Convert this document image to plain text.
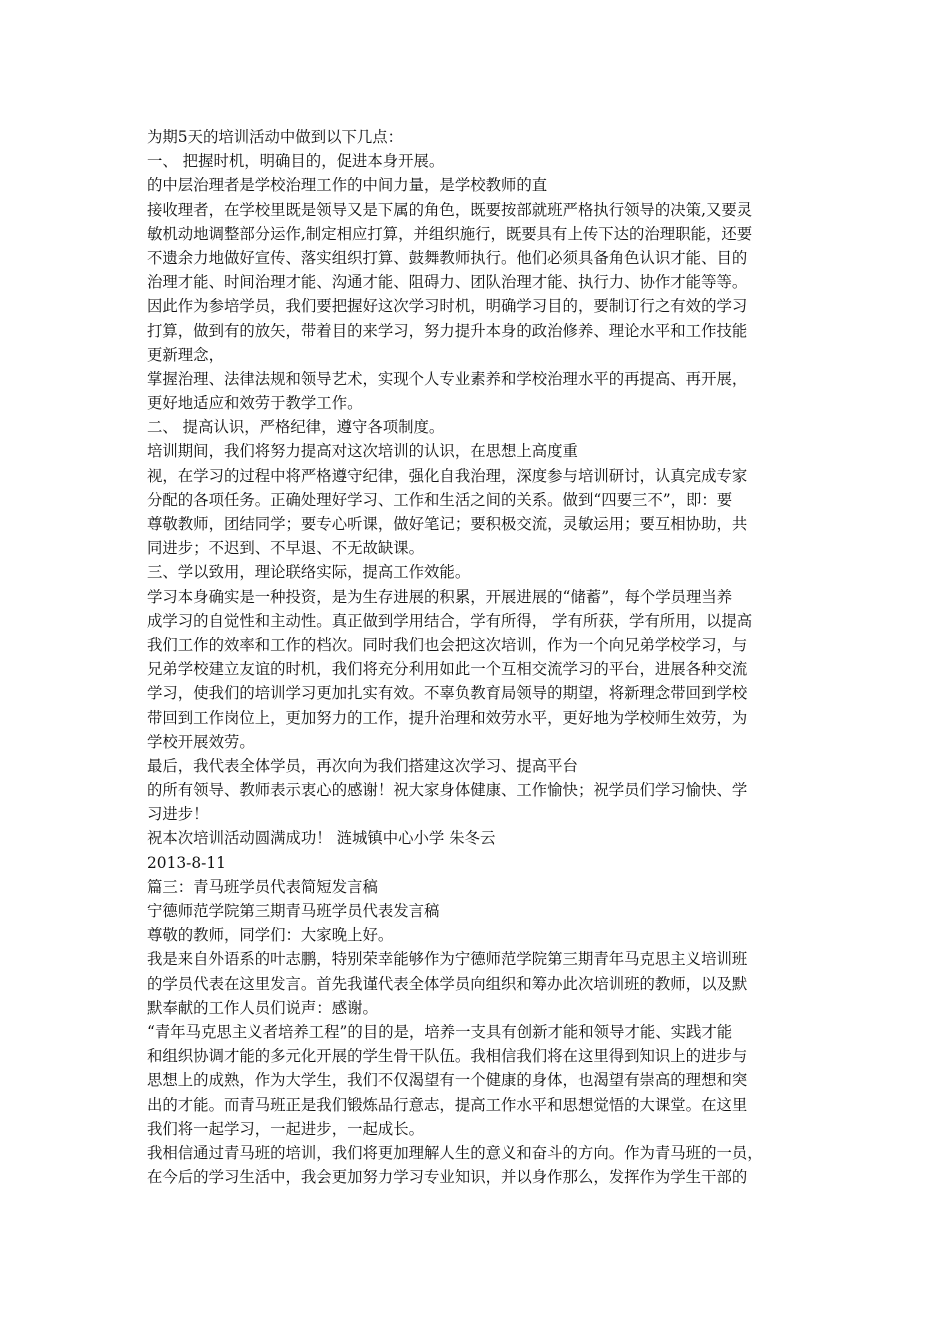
为期5天的培训活动中做到以下几点：
一、 把握时机，明确目的，促进本身开展。
的中层治理者是学校治理工作的中间力量，是学校教师的直
接收理者，在学校里既是领导又是下属的角色，既要按部就班严格执行领导的决策,又要灵
敏机动地调整部分运作,制定相应打算，并组织施行，既要具有上传下达的治理职能，还要
不遗余力地做好宣传、落实组织打算、鼓舞教师执行。他们必须具备角色认识才能、目的
治理才能、时间治理才能、沟通才能、阻碍力、团队治理才能、执行力、协作才能等等。
因此作为参培学员，我们要把握好这次学习时机，明确学习目的，要制订行之有效的学习
打算，做到有的放矢，带着目的来学习，努力提升本身的政治修养、理论水平和工作技能
更新理念，
掌握治理、法律法规和领导艺术，实现个人专业素养和学校治理水平的再提高、再开展，
更好地适应和效劳于教学工作。
二、 提高认识，严格纪律，遵守各项制度。
培训期间，我们将努力提高对这次培训的认识，在思想上高度重
视，在学习的过程中将严格遵守纪律，强化自我治理，深度参与培训研讨，认真完成专家
分配的各项任务。正确处理好学习、工作和生活之间的关系。做到“四要三不”，即：要
尊敬教师，团结同学；要专心听课，做好笔记；要积极交流，灵敏运用；要互相协助，共
同进步；不迟到、不早退、不无故缺课。
三、学以致用，理论联络实际，提高工作效能。
学习本身确实是一种投资，是为生存进展的积累，开展进展的“储蓄”，每个学员理当养
成学习的自觉性和主动性。真正做到学用结合，学有所得， 学有所获，学有所用，以提高
我们工作的效率和工作的档次。同时我们也会把这次培训，作为一个向兄弟学校学习，与
兄弟学校建立友谊的时机，我们将充分利用如此一个互相交流学习的平台，进展各种交流
学习，使我们的培训学习更加扎实有效。不辜负教育局领导的期望，将新理念带回到学校
带回到工作岗位上，更加努力的工作，提升治理和效劳水平，更好地为学校师生效劳，为
学校开展效劳。
最后，我代表全体学员，再次向为我们搭建这次学习、提高平台
的所有领导、教师表示衷心的感谢！祝大家身体健康、工作愉快；祝学员们学习愉快、学
习进步！
祝本次培训活动圆满成功！ 涟城镇中心小学 朱冬云
2013-8-11
篇三：青马班学员代表简短发言稿
宁德师范学院第三期青马班学员代表发言稿
尊敬的教师，同学们：大家晚上好。
我是来自外语系的叶志鹏，特别荣幸能够作为宁德师范学院第三期青年马克思主义培训班
的学员代表在这里发言。首先我谨代表全体学员向组织和筹办此次培训班的教师，以及默
默奉献的工作人员们说声：感谢。
“青年马克思主义者培养工程”的目的是，培养一支具有创新才能和领导才能、实践才能
和组织协调才能的多元化开展的学生骨干队伍。我相信我们将在这里得到知识上的进步与
思想上的成熟，作为大学生，我们不仅渴望有一个健康的身体，也渴望有崇高的理想和突
出的才能。而青马班正是我们锻炼品行意志，提高工作水平和思想觉悟的大课堂。在这里
我们将一起学习，一起进步，一起成长。
我相信通过青马班的培训，我们将更加理解人生的意义和奋斗的方向。作为青马班的一员，
在今后的学习生活中，我会更加努力学习专业知识，并以身作那么，发挥作为学生干部的
